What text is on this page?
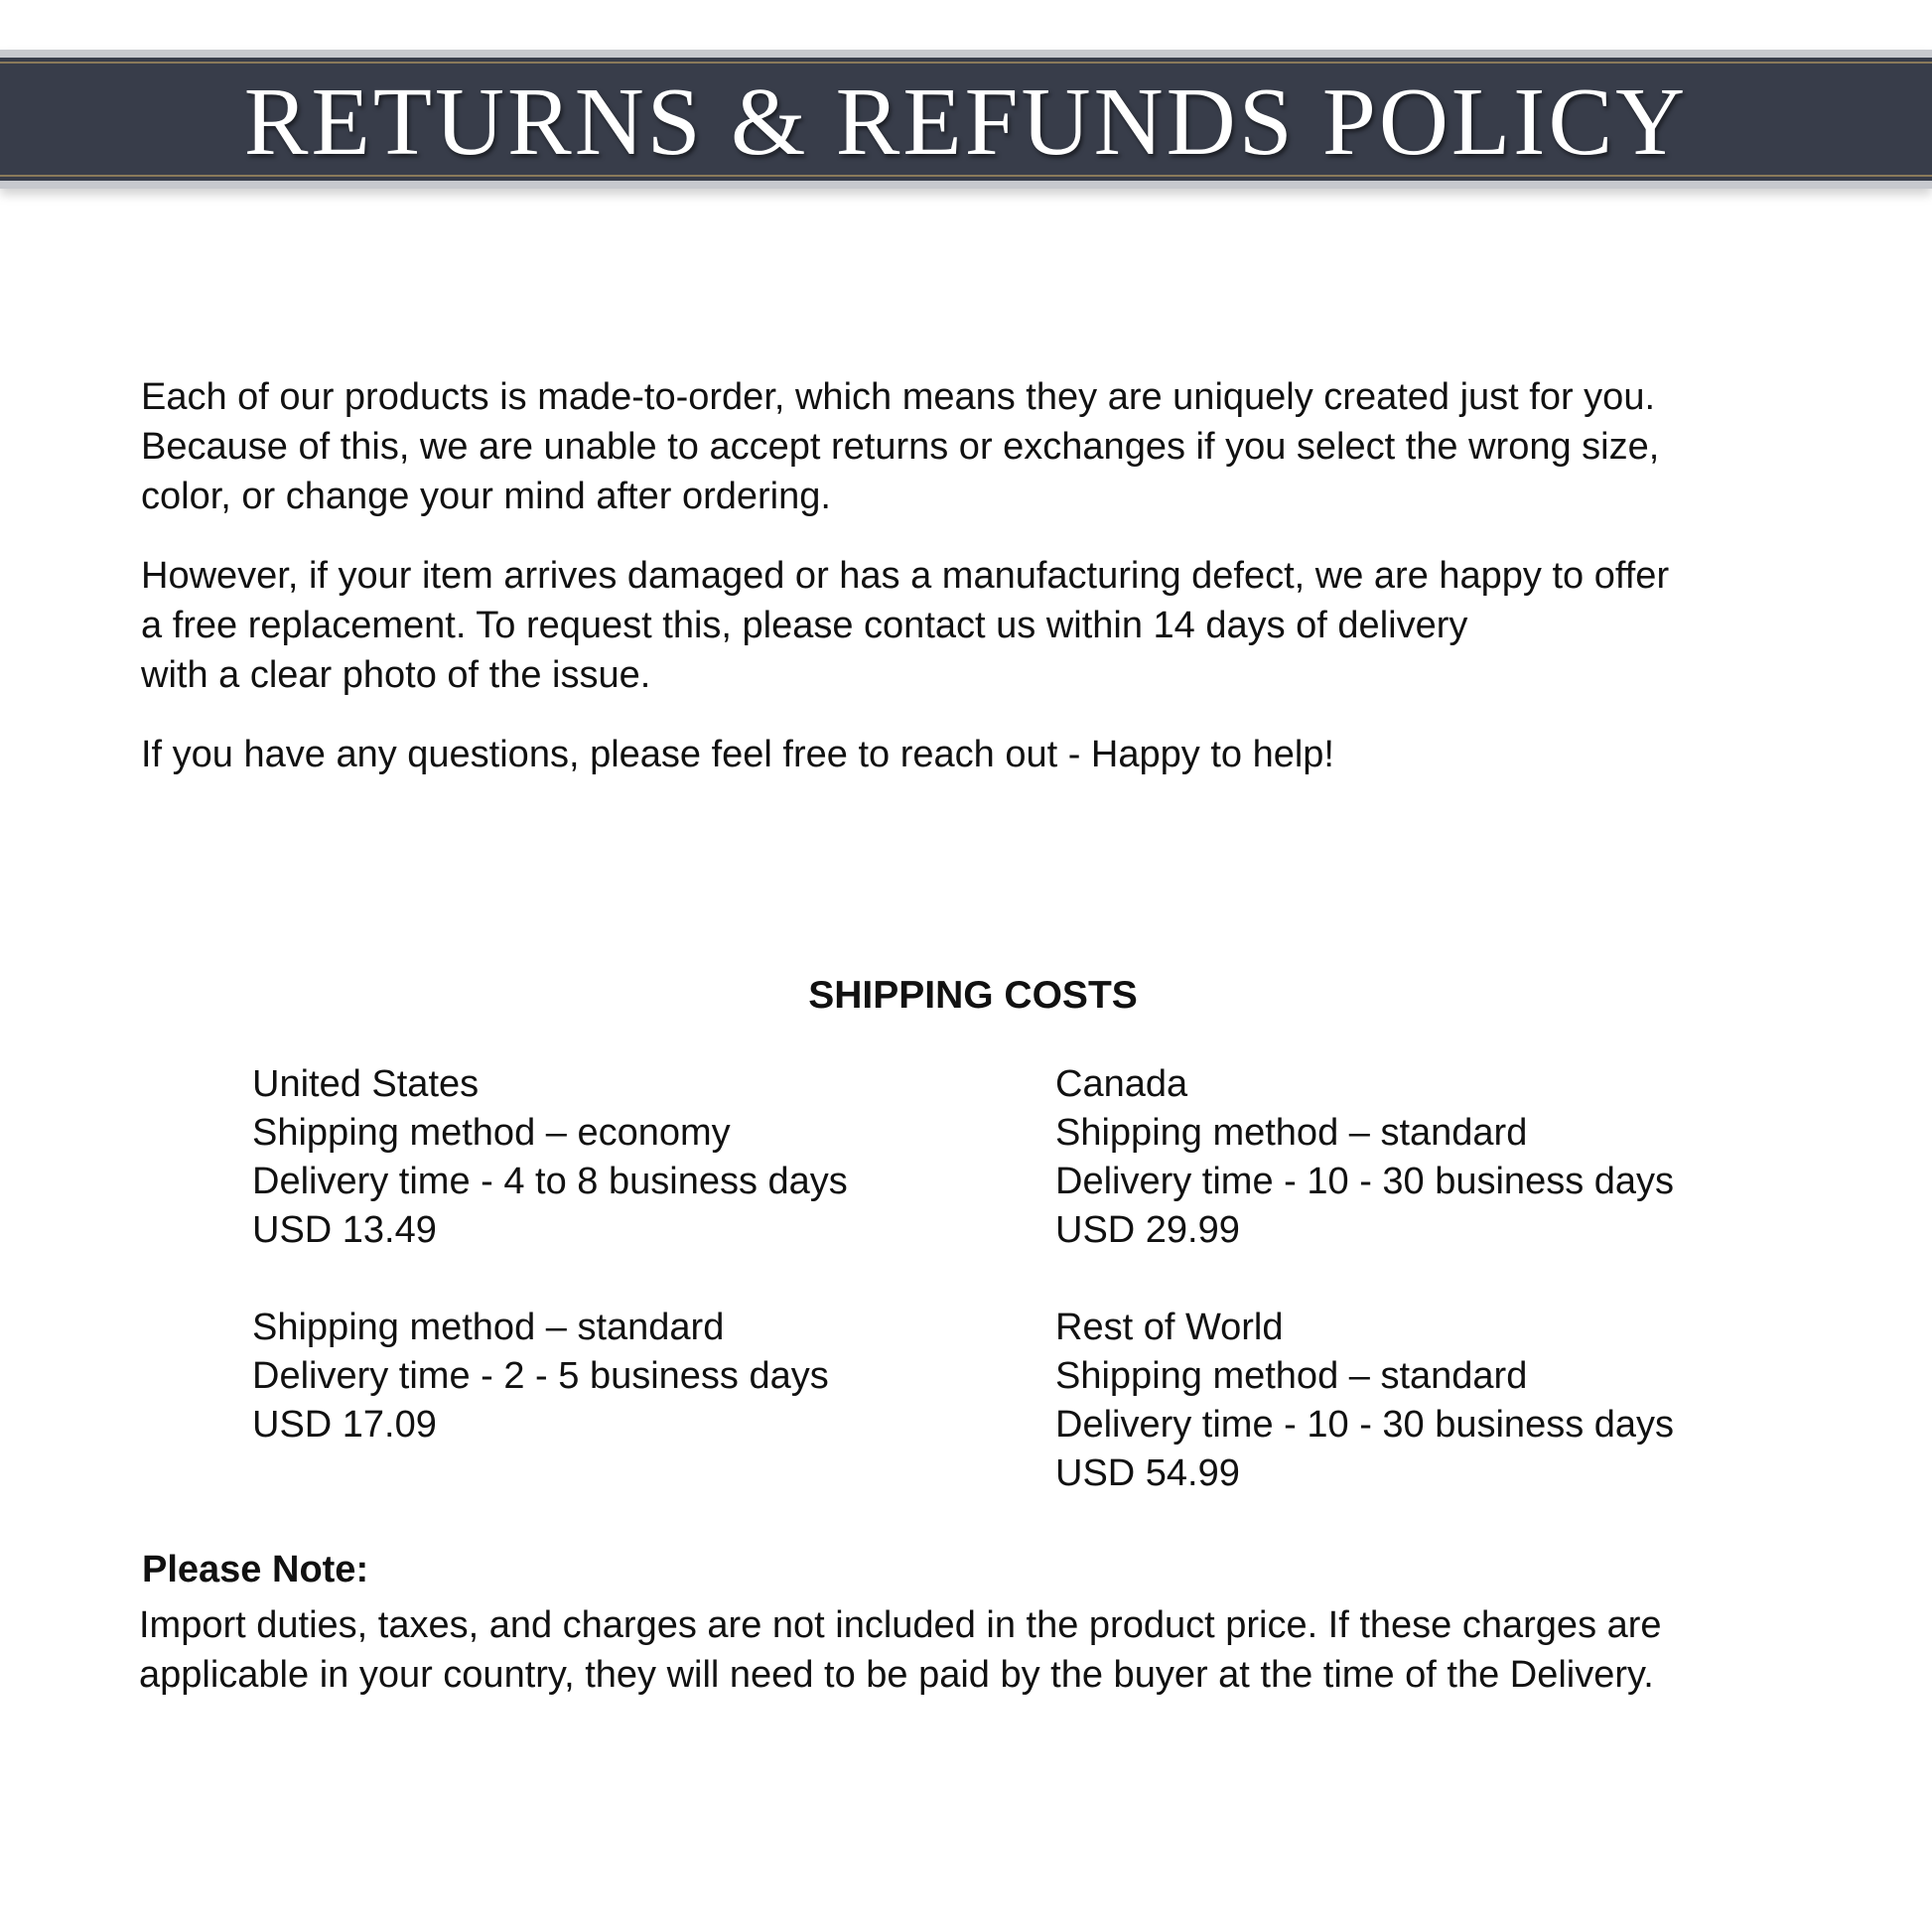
RETURNS & REFUNDS POLICY

Each of our products is made-to-order, which means they are uniquely created just for you.
Because of this, we are unable to accept returns or exchanges if you select the wrong size,
color, or change your mind after ordering.

However, if your item arrives damaged or has a manufacturing defect, we are happy to offer
a free replacement. To request this, please contact us within 14 days of delivery
with a clear photo of the issue.

If you have any questions, please feel free to reach out - Happy to help!

SHIPPING COSTS
United States
Shipping method – economy
Delivery time - 4 to 8 business days
USD 13.49
Shipping method – standard
Delivery time - 2 - 5 business days
USD 17.09
Canada
Shipping method – standard
Delivery time - 10 - 30 business days
USD 29.99
Rest of World
Shipping method – standard
Delivery time - 10 - 30 business days
USD 54.99
Please Note:
Import duties, taxes, and charges are not included in the product price. If these charges are
applicable in your country, they will need to be paid by the buyer at the time of the Delivery.
